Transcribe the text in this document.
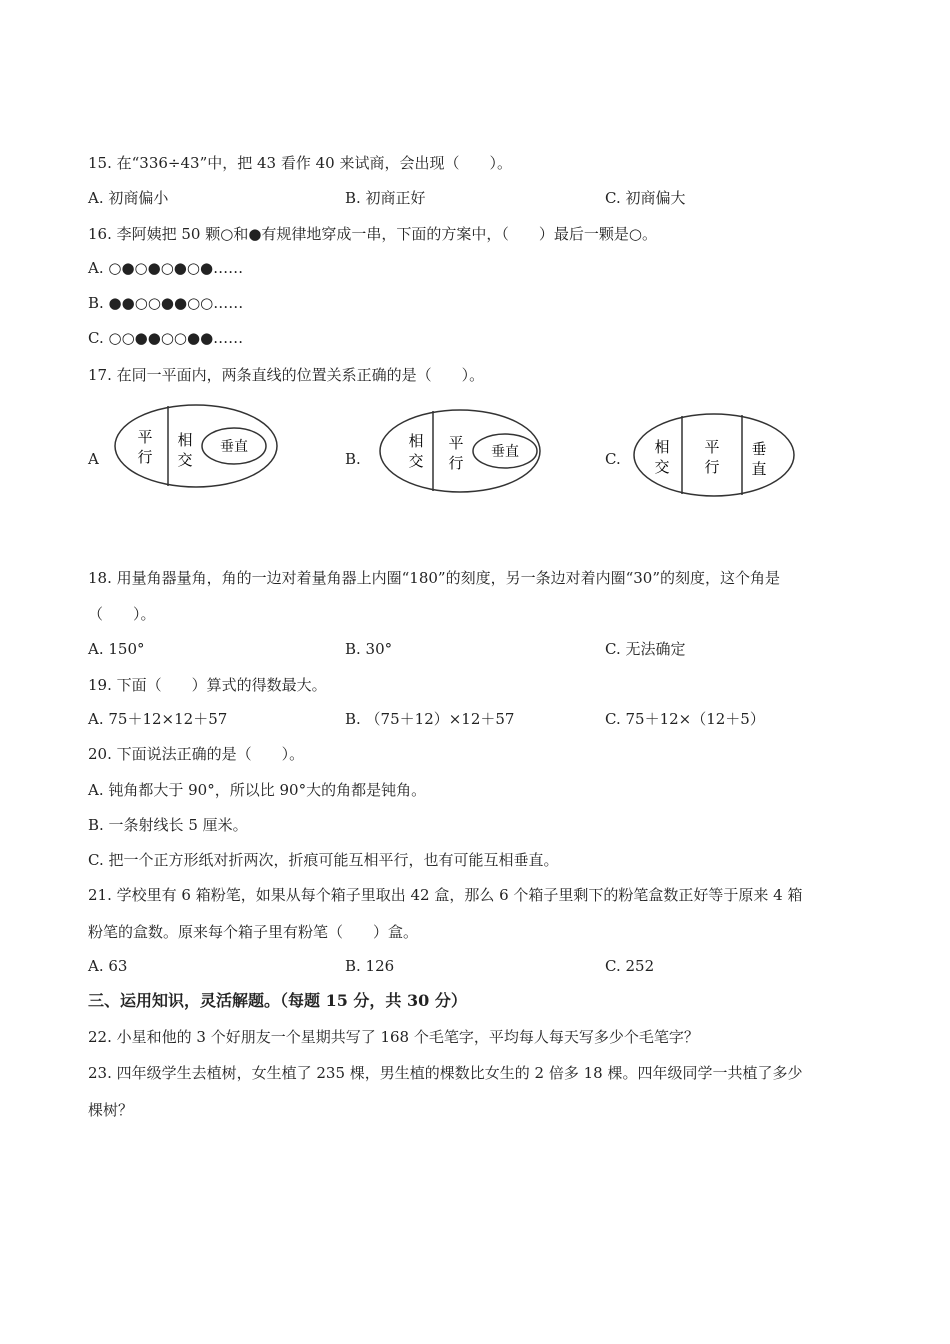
15. 在“336÷43”中，把 43 看作 40 来试商，会出现（　　）。
A. 初商偏小	B. 初商正好	C. 初商偏大
16. 李阿姨把 50 颗○和●有规律地穿成一串，下面的方案中，（　　）最后一颗是○。
A. ○●○●○●○●……
B. ●●○○●●○○……
C. ○○●●○○●●……
17. 在同一平面内，两条直线的位置关系正确的是（　　）。
A
平
行
相
交
垂直
B.
相
交
平
行
垂直	C.
相
交
平
行
垂
直
18. 用量角器量角，角的一边对着量角器上内圈“180”的刻度，另一条边对着内圈“30”的刻度，这个角是
（　　）。
A. 150°	B. 30°	C. 无法确定
19. 下面（　　）算式的得数最大。
A. 75＋12×12＋57	B. （75＋12）×12＋57	C. 75＋12×（12＋5）
20. 下面说法正确的是（　　）。
A. 钝角都大于 90°，所以比 90°大的角都是钝角。
B. 一条射线长 5 厘米。
C. 把一个正方形纸对折两次，折痕可能互相平行，也有可能互相垂直。
21. 学校里有 6 箱粉笔，如果从每个箱子里取出 42 盒，那么 6 个箱子里剩下的粉笔盒数正好等于原来 4 箱
粉笔的盒数。原来每个箱子里有粉笔（　　）盒。
A. 63	B. 126	C. 252
三、运用知识，灵活解题。（每题 15 分，共 30 分）
22. 小星和他的 3 个好朋友一个星期共写了 168 个毛笔字，平均每人每天写多少个毛笔字？
23. 四年级学生去植树，女生植了 235 棵，男生植的棵数比女生的 2 倍多 18 棵。四年级同学一共植了多少
棵树？
